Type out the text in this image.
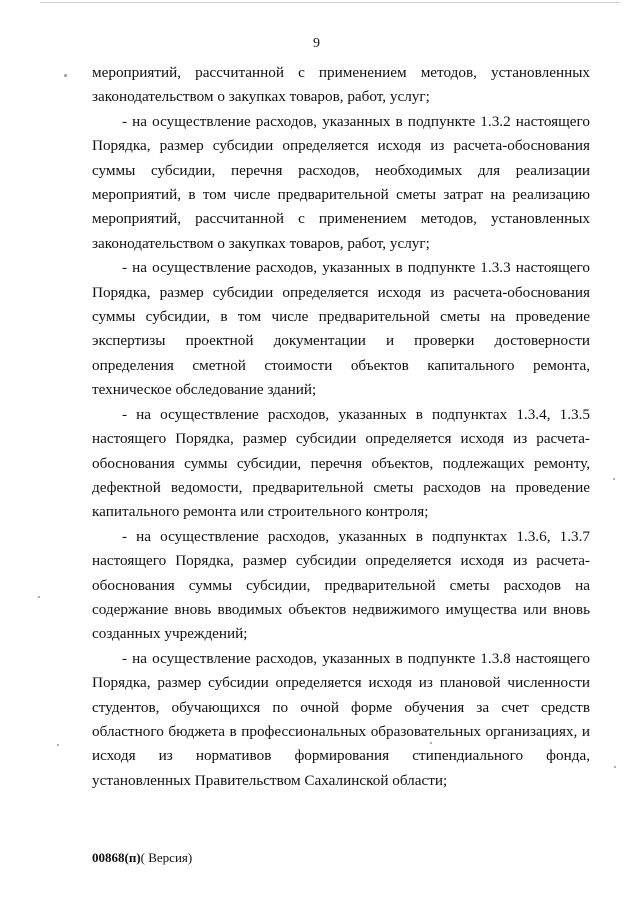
9

мероприятий, рассчитанной с применением методов, установленных законодательством о закупках товаров, работ, услуг;

- на осуществление расходов, указанных в подпункте 1.3.2 настоящего Порядка, размер субсидии определяется исходя из расчета-обоснования суммы субсидии, перечня расходов, необходимых для реализации мероприятий, в том числе предварительной сметы затрат на реализацию мероприятий, рассчитанной с применением методов, установленных законодательством о закупках товаров, работ, услуг;

- на осуществление расходов, указанных в подпункте 1.3.3 настоящего Порядка, размер субсидии определяется исходя из расчета-обоснования суммы субсидии, в том числе предварительной сметы на проведение экспертизы проектной документации и проверки достоверности определения сметной стоимости объектов капитального ремонта, техническое обследование зданий;

- на осуществление расходов, указанных в подпунктах 1.3.4, 1.3.5 настоящего Порядка, размер субсидии определяется исходя из расчета-обоснования суммы субсидии, перечня объектов, подлежащих ремонту, дефектной ведомости, предварительной сметы расходов на проведение капитального ремонта или строительного контроля;

- на осуществление расходов, указанных в подпунктах 1.3.6, 1.3.7 настоящего Порядка, размер субсидии определяется исходя из расчета-обоснования суммы субсидии, предварительной сметы расходов на содержание вновь вводимых объектов недвижимого имущества или вновь созданных учреждений;

- на осуществление расходов, указанных в подпункте 1.3.8 настоящего Порядка, размер субсидии определяется исходя из плановой численности студентов, обучающихся по очной форме обучения за счет средств областного бюджета в профессиональных образовательных организациях, и исходя из нормативов формирования стипендиального фонда, установленных Правительством Сахалинской области;

00868(п)( Версия)
